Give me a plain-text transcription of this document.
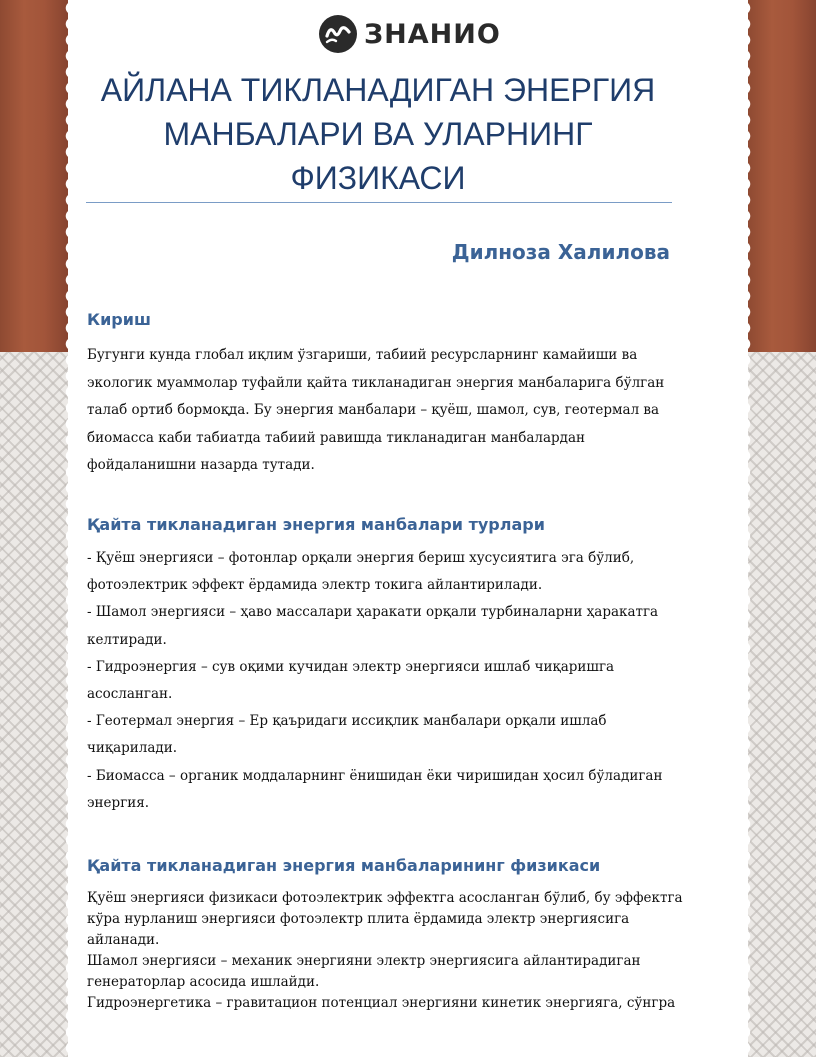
ЗНАНИО
АЙЛАНА ТИКЛАНАДИГАН ЭНЕРГИЯ
МАНБАЛАРИ ВА УЛАРНИНГ
ФИЗИКАСИ
Дилноза Халилова
Кириш

Бугунги кунда глобал иқлим ўзгариши, табиий ресурсларнинг камайиши ва

экологик муаммолар туфайли қайта тикланадиган энергия манбаларига бўлган

талаб ортиб бормоқда. Бу энергия манбалари – қуёш, шамол, сув, геотермал ва

биомасса каби табиатда табиий равишда тикланадиган манбалардан

фойдаланишни назарда тутади.

Қайта тикланадиган энергия манбалари турлари

- Қуёш энергияси – фотонлар орқали энергия бериш хусусиятига эга бўлиб,

фотоэлектрик эффект ёрдамида электр токига айлантирилади.

- Шамол энергияси – ҳаво массалари ҳаракати орқали турбиналарни ҳаракатга

келтиради.

- Гидроэнергия – сув оқими кучидан электр энергияси ишлаб чиқаришга

асосланган.

- Геотермал энергия – Ер қаъридаги иссиқлик манбалари орқали ишлаб

чиқарилади.

- Биомасса – органик моддаларнинг ёнишидан ёки чиришидан ҳосил бўладиган

энергия.

Қайта тикланадиган энергия манбаларининг физикаси

Қуёш энергияси физикаси фотоэлектрик эффектга асосланган бўлиб, бу эффектга

кўра нурланиш энергияси фотоэлектр плита ёрдамида электр энергиясига

айланади.

Шамол энергияси – механик энергияни электр энергиясига айлантирадиган

генераторлар асосида ишлайди.

Гидроэнергетика – гравитацион потенциал энергияни кинетик энергияга, сўнгра
